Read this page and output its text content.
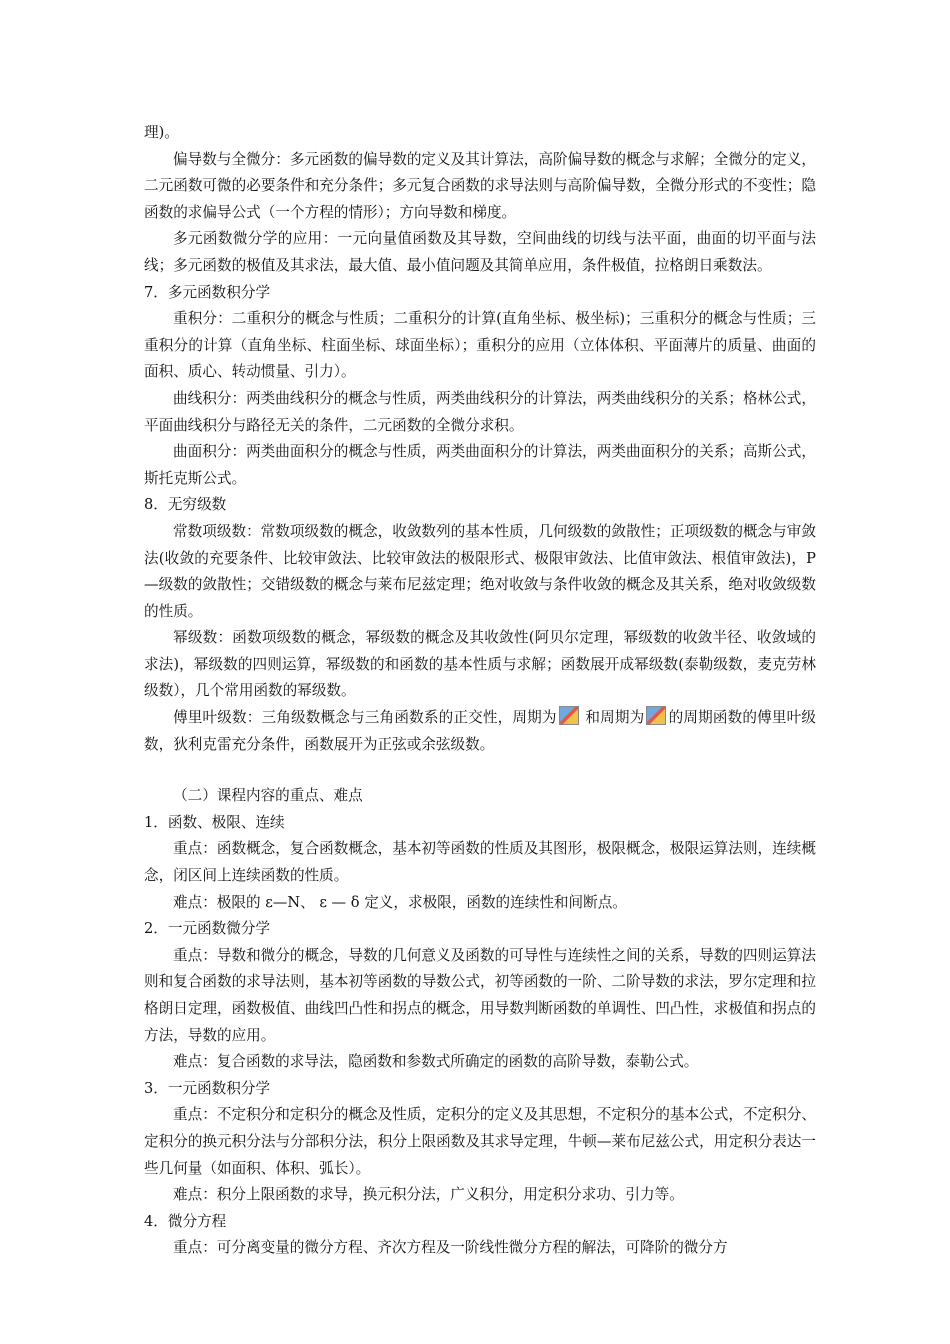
理)。

偏导数与全微分：多元函数的偏导数的定义及其计算法，高阶偏导数的概念与求解；全微分的定义，二元函数可微的必要条件和充分条件；多元复合函数的求导法则与高阶偏导数，全微分形式的不变性；隐函数的求偏导公式（一个方程的情形）；方向导数和梯度。

多元函数微分学的应用：一元向量值函数及其导数，空间曲线的切线与法平面，曲面的切平面与法线；多元函数的极值及其求法，最大值、最小值问题及其简单应用，条件极值，拉格朗日乘数法。

7．多元函数积分学

重积分：二重积分的概念与性质；二重积分的计算(直角坐标、极坐标)；三重积分的概念与性质；三重积分的计算（直角坐标、柱面坐标、球面坐标）；重积分的应用（立体体积、平面薄片的质量、曲面的面积、质心、转动惯量、引力）。

曲线积分：两类曲线积分的概念与性质，两类曲线积分的计算法，两类曲线积分的关系；格林公式，平面曲线积分与路径无关的条件，二元函数的全微分求积。

曲面积分：两类曲面积分的概念与性质，两类曲面积分的计算法，两类曲面积分的关系；高斯公式，斯托克斯公式。

8．无穷级数

常数项级数：常数项级数的概念，收敛数列的基本性质，几何级数的敛散性；正项级数的概念与审敛法(收敛的充要条件、比较审敛法、比较审敛法的极限形式、极限审敛法、比值审敛法、根值审敛法)，P—级数的敛散性；交错级数的概念与莱布尼兹定理；绝对收敛与条件收敛的概念及其关系，绝对收敛级数的性质。

幂级数：函数项级数的概念，幂级数的概念及其收敛性(阿贝尔定理，幂级数的收敛半径、收敛域的求法)，幂级数的四则运算，幂级数的和函数的基本性质与求解；函数展开成幂级数(泰勒级数，麦克劳林级数），几个常用函数的幂级数。

傅里叶级数：三角级数概念与三角函数系的正交性，周期为 和周期为 的周期函数的傅里叶级数，狄利克雷充分条件，函数展开为正弦或余弦级数。

（二）课程内容的重点、难点

1．函数、极限、连续

重点：函数概念，复合函数概念，基本初等函数的性质及其图形，极限概念，极限运算法则，连续概念，闭区间上连续函数的性质。

难点：极限的 ε—N、 ε — δ 定义，求极限，函数的连续性和间断点。

2．一元函数微分学

重点：导数和微分的概念，导数的几何意义及函数的可导性与连续性之间的关系，导数的四则运算法则和复合函数的求导法则，基本初等函数的导数公式，初等函数的一阶、二阶导数的求法，罗尔定理和拉格朗日定理，函数极值、曲线凹凸性和拐点的概念，用导数判断函数的单调性、凹凸性，求极值和拐点的方法，导数的应用。

难点：复合函数的求导法，隐函数和参数式所确定的函数的高阶导数，泰勒公式。

3．一元函数积分学

重点：不定积分和定积分的概念及性质，定积分的定义及其思想，不定积分的基本公式，不定积分、定积分的换元积分法与分部积分法，积分上限函数及其求导定理，牛顿—莱布尼兹公式，用定积分表达一些几何量（如面积、体积、弧长）。

难点：积分上限函数的求导，换元积分法，广义积分，用定积分求功、引力等。

4．微分方程

重点：可分离变量的微分方程、齐次方程及一阶线性微分方程的解法，可降阶的微分方
